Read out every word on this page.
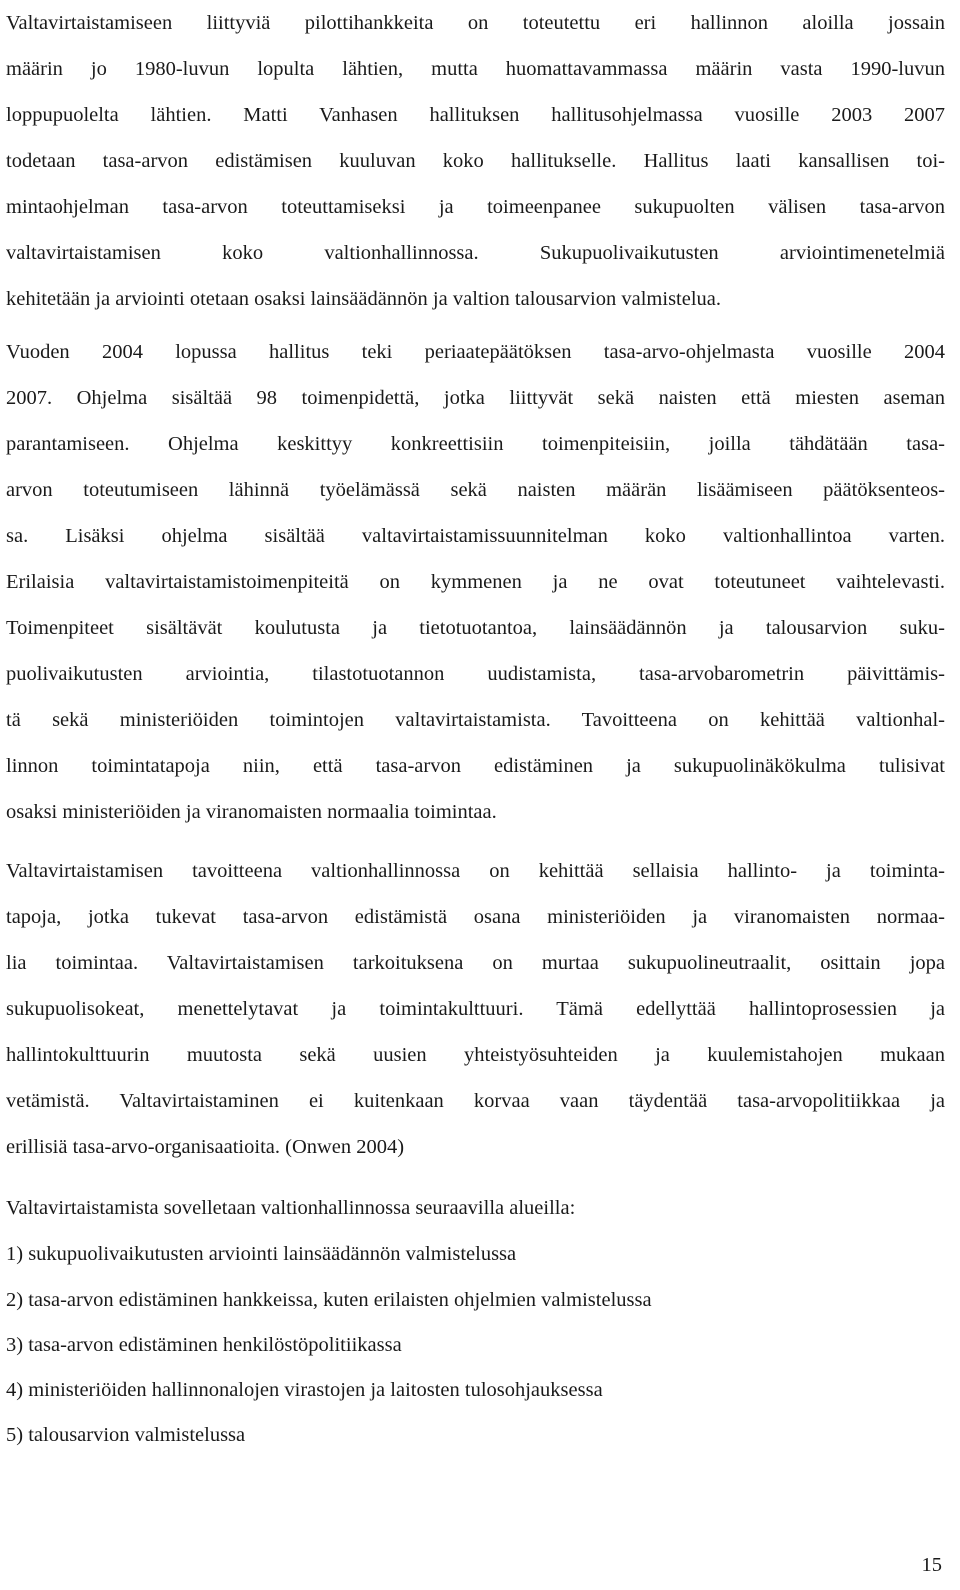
Valtavirtaistamiseen liittyviä pilottihankkeita on toteutettu eri hallinnon aloilla jossain
määrin jo 1980-luvun lopulta lähtien, mutta huomattavammassa määrin vasta 1990-luvun
loppupuolelta lähtien. Matti Vanhasen hallituksen hallitusohjelmassa vuosille 2003 2007
todetaan tasa-arvon edistämisen kuuluvan koko hallitukselle. Hallitus laati kansallisen toi-
mintaohjelman tasa-arvon toteuttamiseksi ja toimeenpanee sukupuolten välisen tasa-arvon
valtavirtaistamisen koko valtionhallinnossa. Sukupuolivaikutusten arviointimenetelmiä
kehitetään ja arviointi otetaan osaksi lainsäädännön ja valtion talousarvion valmistelua.
Vuoden 2004 lopussa hallitus teki periaatepäätöksen tasa-arvo-ohjelmasta vuosille 2004
2007. Ohjelma sisältää 98 toimenpidettä, jotka liittyvät sekä naisten että miesten aseman
parantamiseen. Ohjelma keskittyy konkreettisiin toimenpiteisiin, joilla tähdätään tasa-
arvon toteutumiseen lähinnä työelämässä sekä naisten määrän lisäämiseen päätöksenteos-
sa. Lisäksi ohjelma sisältää valtavirtaistamissuunnitelman koko valtionhallintoa varten.
Erilaisia valtavirtaistamistoimenpiteitä on kymmenen ja ne ovat toteutuneet vaihtelevasti.
Toimenpiteet sisältävät koulutusta ja tietotuotantoa, lainsäädännön ja talousarvion suku-
puolivaikutusten arviointia, tilastotuotannon uudistamista, tasa-arvobarometrin päivittämis-
tä sekä ministeriöiden toimintojen valtavirtaistamista. Tavoitteena on kehittää valtionhal-
linnon toimintatapoja niin, että tasa-arvon edistäminen ja sukupuolinäkökulma tulisivat
osaksi ministeriöiden ja viranomaisten normaalia toimintaa.
Valtavirtaistamisen tavoitteena valtionhallinnossa on kehittää sellaisia hallinto- ja toiminta-
tapoja, jotka tukevat tasa-arvon edistämistä osana ministeriöiden ja viranomaisten normaa-
lia toimintaa. Valtavirtaistamisen tarkoituksena on murtaa sukupuolineutraalit, osittain jopa
sukupuolisokeat, menettelytavat ja toimintakulttuuri. Tämä edellyttää hallintoprosessien ja
hallintokulttuurin muutosta sekä uusien yhteistyösuhteiden ja kuulemistahojen mukaan
vetämistä. Valtavirtaistaminen ei kuitenkaan korvaa vaan täydentää tasa-arvopolitiikkaa ja
erillisiä tasa-arvo-organisaatioita. (Onwen 2004)
Valtavirtaistamista sovelletaan valtionhallinnossa seuraavilla alueilla:
1) sukupuolivaikutusten arviointi lainsäädännön valmistelussa
2) tasa-arvon edistäminen hankkeissa, kuten erilaisten ohjelmien valmistelussa
3) tasa-arvon edistäminen henkilöstöpolitiikassa
4) ministeriöiden hallinnonalojen virastojen ja laitosten tulosohjauksessa
5) talousarvion valmistelussa
15
